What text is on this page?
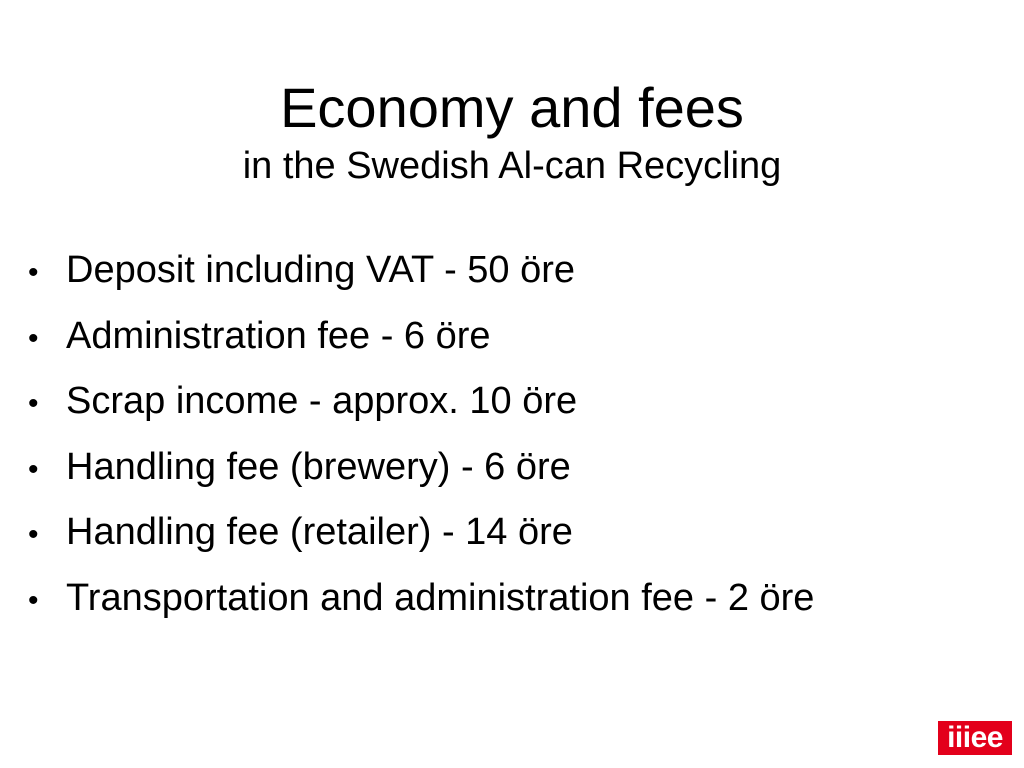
Economy and fees
in the Swedish Al-can Recycling
• Deposit including VAT - 50 öre
• Administration fee - 6 öre
• Scrap income - approx. 10 öre
• Handling fee (brewery) - 6 öre
• Handling fee (retailer) - 14 öre
• Transportation and administration fee - 2 öre
iiiee
